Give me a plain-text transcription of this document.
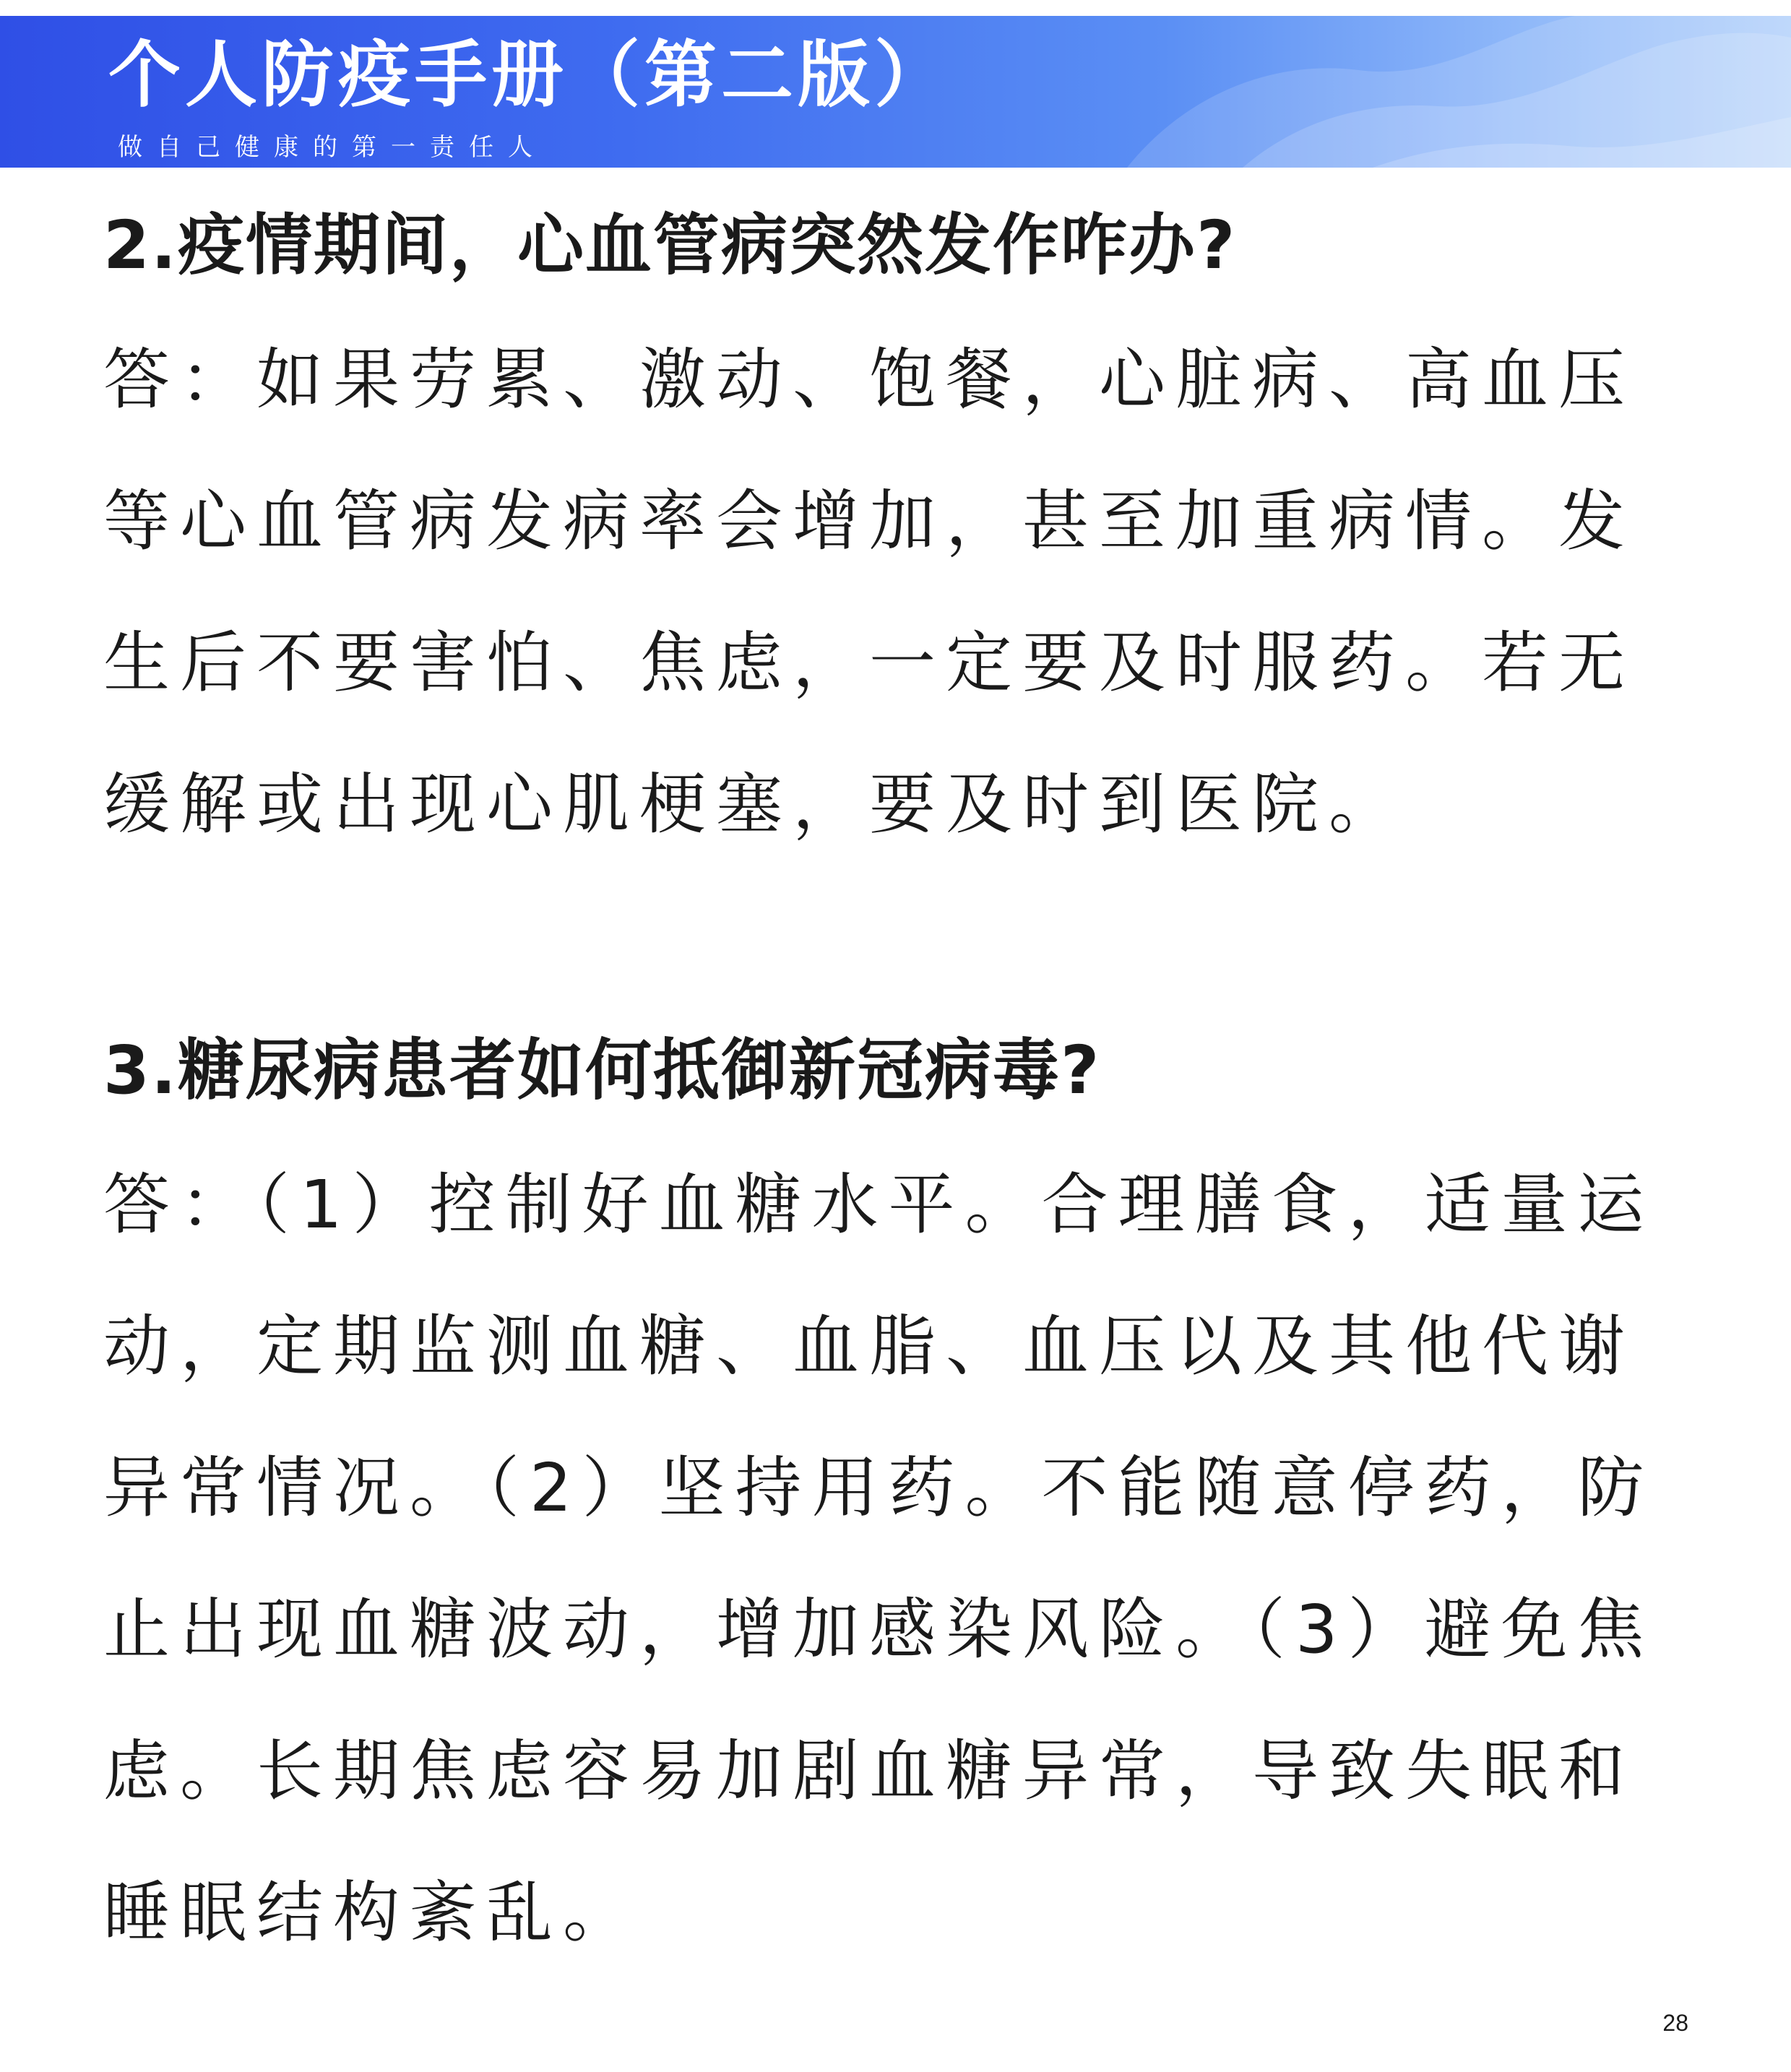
个人防疫手册（第二版）
做自己健康的第一责任人
2.疫情期间，心血管病突然发作咋办?

答：如果劳累、激动、饱餐，心脏病、高血压等心血管病发病率会增加，甚至加重病情。发生后不要害怕、焦虑，一定要及时服药。若无缓解或出现心肌梗塞，要及时到医院。

3.糖尿病患者如何抵御新冠病毒?

答：（1）控制好血糖水平。合理膳食，适量运动，定期监测血糖、血脂、血压以及其他代谢异常情况。（2）坚持用药。不能随意停药，防止出现血糖波动，增加感染风险。（3）避免焦虑。长期焦虑容易加剧血糖异常，导致失眠和睡眠结构紊乱。

28
